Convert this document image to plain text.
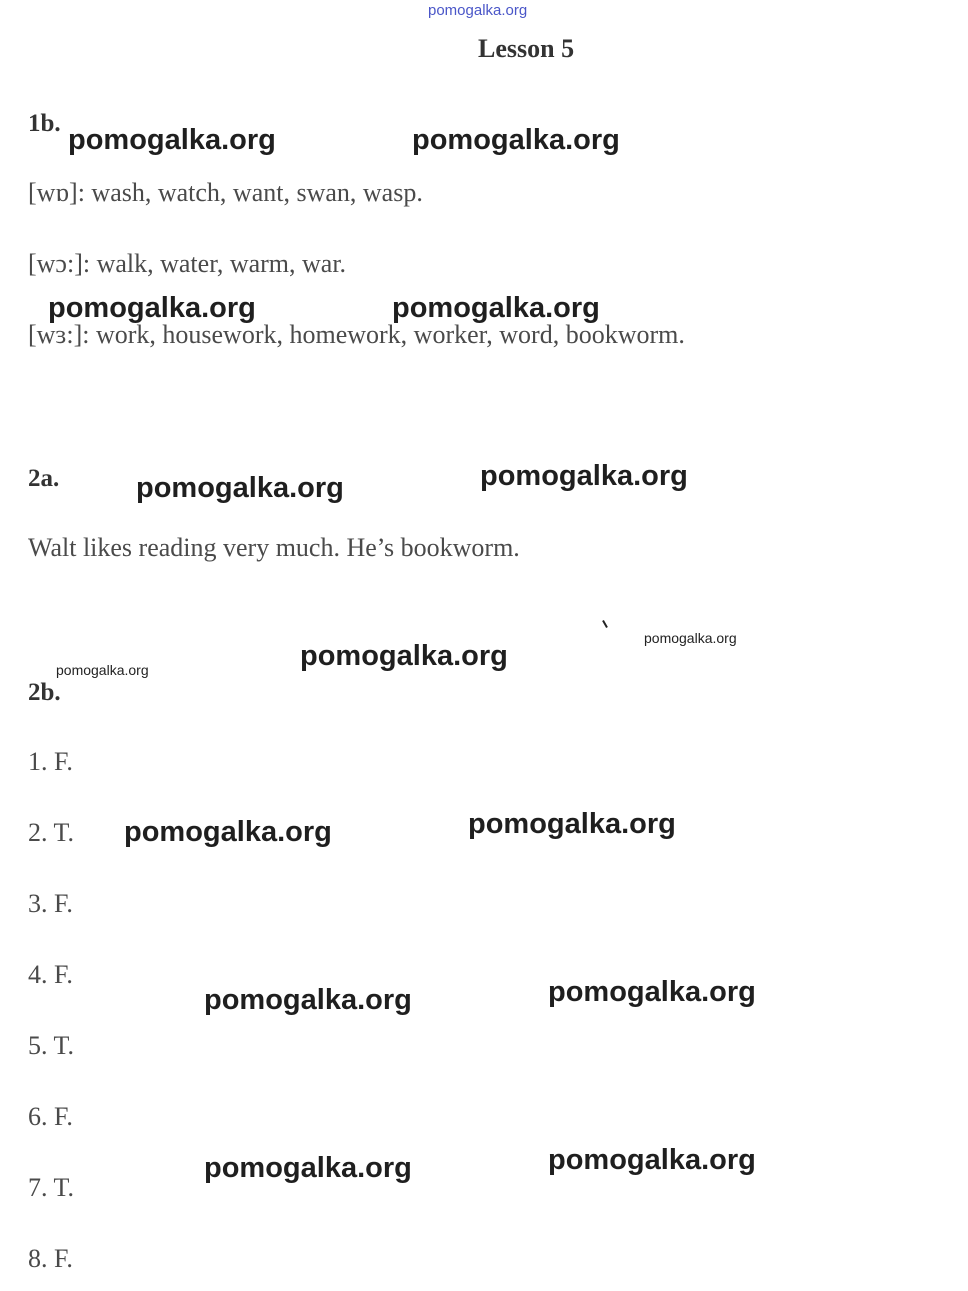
pomogalka.org
Lesson 5
1b.
[wɒ]: wash, watch, want, swan, wasp.
[wɔ:]: walk, water, warm, war.
[wɜ:]: work, housework, homework, worker, word, bookworm.
2a.
Walt likes reading very much. He’s bookworm.
2b.
1. F.
2. T.
3. F.
4. F.
5. T.
6. F.
7. T.
8. F.
pomogalka.org	pomogalka.org
pomogalka.org	pomogalka.org
pomogalka.org	pomogalka.org
pomogalka.org
pomogalka.org
pomogalka.org
pomogalka.org	pomogalka.org
pomogalka.org	pomogalka.org
pomogalka.org	pomogalka.org
